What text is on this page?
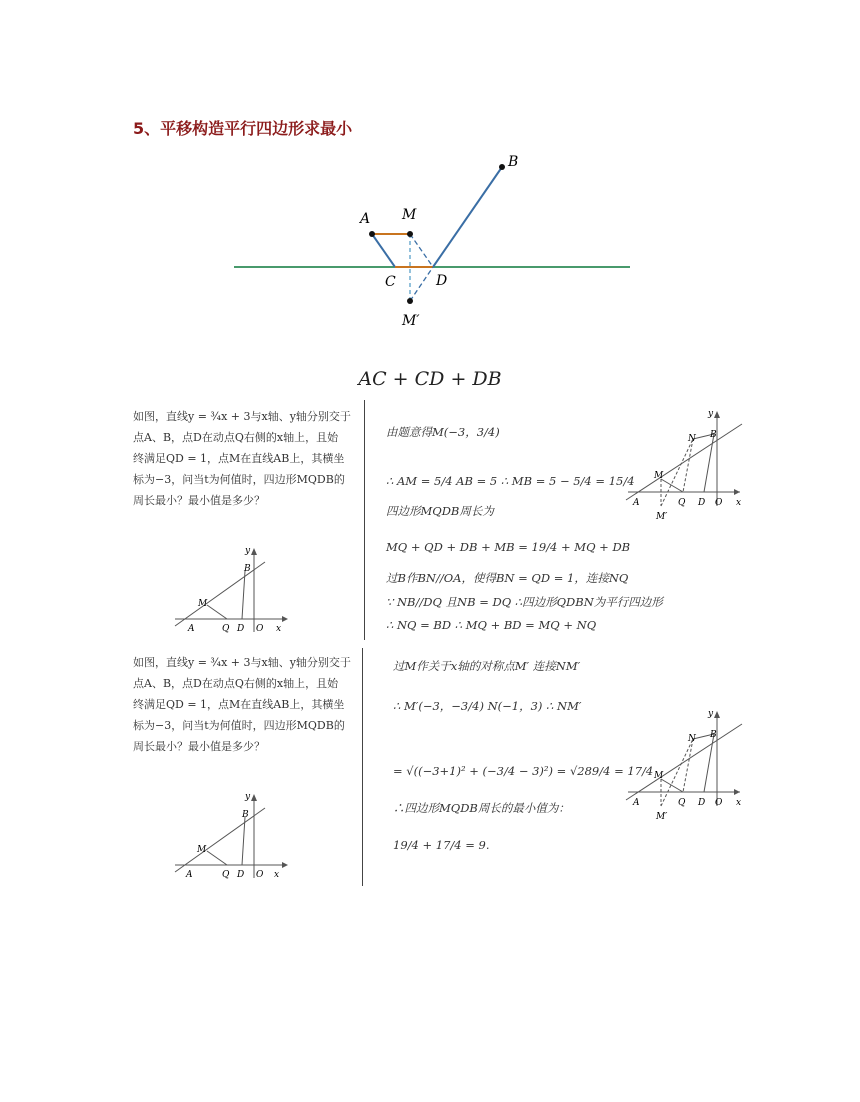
5、平移构造平行四边形求最小
A M
B
C	D
M′
AC + CD + DB
如图，直线y = ¾x + 3与x轴、y轴分别交于
点A、B，点D在动点Q右侧的x轴上，且始
终满足QD = 1，点M在直线AB上，其横坐
标为−3，问当t为何值时，四边形MQDB的
周长最小？最小值是多少？
y
B
M
A	Q D O x
由题意得M(−3，3/4)
∴ AM = 5/4 AB = 5 ∴ MB = 5 − 5/4 = 15/4
四边形MQDB周长为
MQ + QD + DB + MB = 19/4 + MQ + DB
过B作BN//OA，使得BN = QD = 1，连接NQ
∵ NB//DQ 且NB = DQ ∴四边形QDBN为平行四边形
∴ NQ = BD ∴ MQ + BD = MQ + NQ
y
B
N
M
A	Q D O x
M′
如图，直线y = ¾x + 3与x轴、y轴分别交于
点A、B，点D在动点Q右侧的x轴上，且始
终满足QD = 1，点M在直线AB上，其横坐
标为−3，问当t为何值时，四边形MQDB的
周长最小？最小值是多少？
y
B
M
A	Q D O x
过M作关于x轴的对称点M′ 连接NM′
∴ M′(−3，−3/4) N(−1，3) ∴ NM′
= √((−3+1)² + (−3/4 − 3)²) = √289/4 = 17/4
∴四边形MQDB周长的最小值为：
19/4 + 17/4 = 9.
y
B
N
M
A	Q D O x
M′
